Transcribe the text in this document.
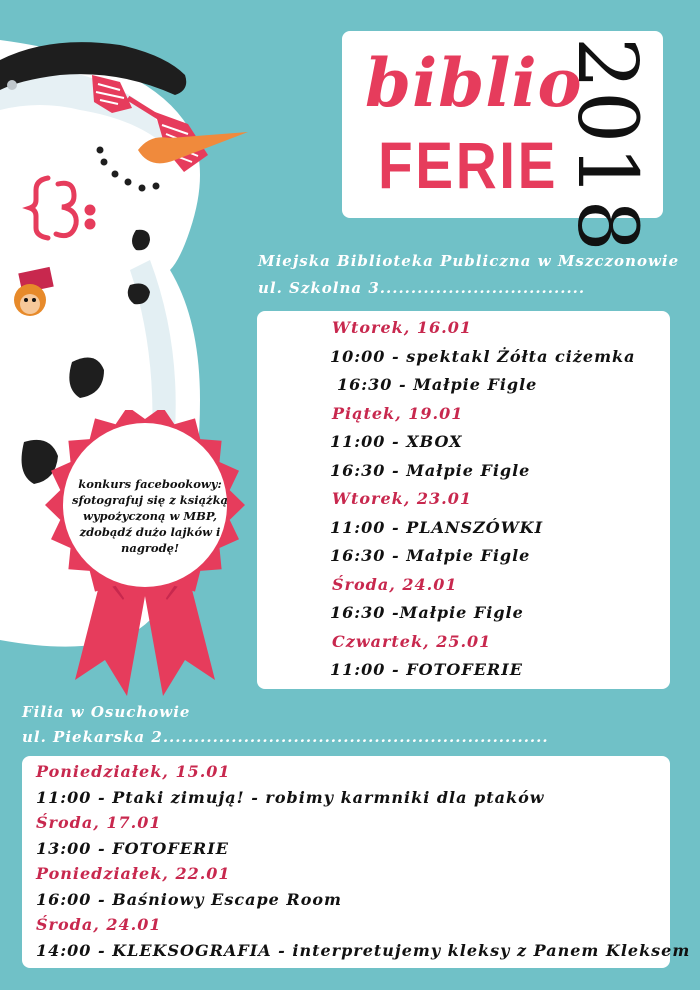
biblio
FERIE 2018
Miejska Biblioteka Publiczna w Mszczonowie
ul. Szkolna 3.................................
Wtorek, 16.01
10:00 - spektakl Żółta ciżemka
16:30 - Małpie Figle
Piątek, 19.01
11:00 - XBOX
16:30 - Małpie Figle
Wtorek, 23.01
11:00 - PLANSZÓWKI
16:30 - Małpie Figle
Środa, 24.01
16:30 -Małpie Figle
Czwartek, 25.01
11:00 - FOTOFERIE
Filia w Osuchowie
ul. Piekarska 2..............................................................
Poniedziałek, 15.01
11:00 - Ptaki zimują! - robimy karmniki dla ptaków
Środa, 17.01
13:00 - FOTOFERIE
Poniedziałek, 22.01
16:00 - Baśniowy Escape Room
Środa, 24.01
14:00 - KLEKSOGRAFIA - interpretujemy kleksy z Panem Kleksem
MOJE FERIE
Z KSIĄŻKĄ
konkurs facebookowy: sfotografuj się z książką wypożyczoną w MBP, zdobądź dużo lajków i nagrodę!
